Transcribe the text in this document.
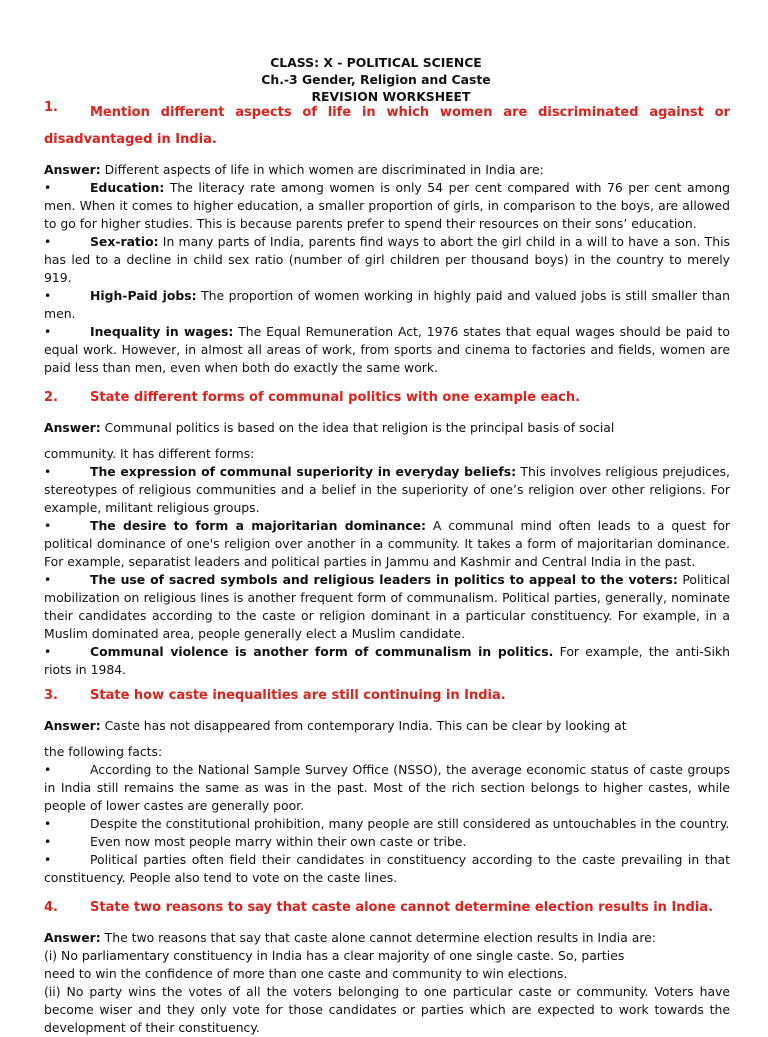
CLASS: X - POLITICAL SCIENCE
Ch.-3 Gender, Religion and Caste
REVISION WORKSHEET
1.	Mention different aspects of life in which women are discriminated against or disadvantaged in India.
Answer: Different aspects of life in which women are discriminated in India are:
•	Education: The literacy rate among women is only 54 per cent compared with 76 per cent among men. When it comes to higher education, a smaller proportion of girls, in comparison to the boys, are allowed to go for higher studies. This is because parents prefer to spend their resources on their sons’ education.
•	Sex-ratio: In many parts of India, parents find ways to abort the girl child in a will to have a son. This has led to a decline in child sex ratio (number of girl children per thousand boys) in the country to merely 919.
•	High-Paid jobs: The proportion of women working in highly paid and valued jobs is still smaller than men.
•	Inequality in wages: The Equal Remuneration Act, 1976 states that equal wages should be paid to equal work. However, in almost all areas of work, from sports and cinema to factories and fields, women are paid less than men, even when both do exactly the same work.
2.	State different forms of communal politics with one example each.
Answer: Communal politics is based on the idea that religion is the principal basis of social
community. It has different forms:
•	The expression of communal superiority in everyday beliefs: This involves religious prejudices, stereotypes of religious communities and a belief in the superiority of one’s religion over other religions. For example, militant religious groups.
•	The desire to form a majoritarian dominance: A communal mind often leads to a quest for political dominance of one's religion over another in a community. It takes a form of majoritarian dominance. For example, separatist leaders and political parties in Jammu and Kashmir and Central India in the past.
•	The use of sacred symbols and religious leaders in politics to appeal to the voters: Political mobilization on religious lines is another frequent form of communalism. Political parties, generally, nominate their candidates according to the caste or religion dominant in a particular constituency. For example, in a Muslim dominated area, people generally elect a Muslim candidate.
•	Communal violence is another form of communalism in politics. For example, the anti-Sikh riots in 1984.
3.	State how caste inequalities are still continuing in India.
Answer: Caste has not disappeared from contemporary India. This can be clear by looking at
the following facts:
•	According to the National Sample Survey Office (NSSO), the average economic status of caste groups in India still remains the same as was in the past. Most of the rich section belongs to higher castes, while people of lower castes are generally poor.
•	Despite the constitutional prohibition, many people are still considered as untouchables in the country.
•	Even now most people marry within their own caste or tribe.
•	Political parties often field their candidates in constituency according to the caste prevailing in that constituency. People also tend to vote on the caste lines.
4.	State two reasons to say that caste alone cannot determine election results in India.
Answer: The two reasons that say that caste alone cannot determine election results in India are:
(i) No parliamentary constituency in India has a clear majority of one single caste. So, parties
need to win the confidence of more than one caste and community to win elections.
(ii) No party wins the votes of all the voters belonging to one particular caste or community. Voters have become wiser and they only vote for those candidates or parties which are expected to work towards the development of their constituency.
